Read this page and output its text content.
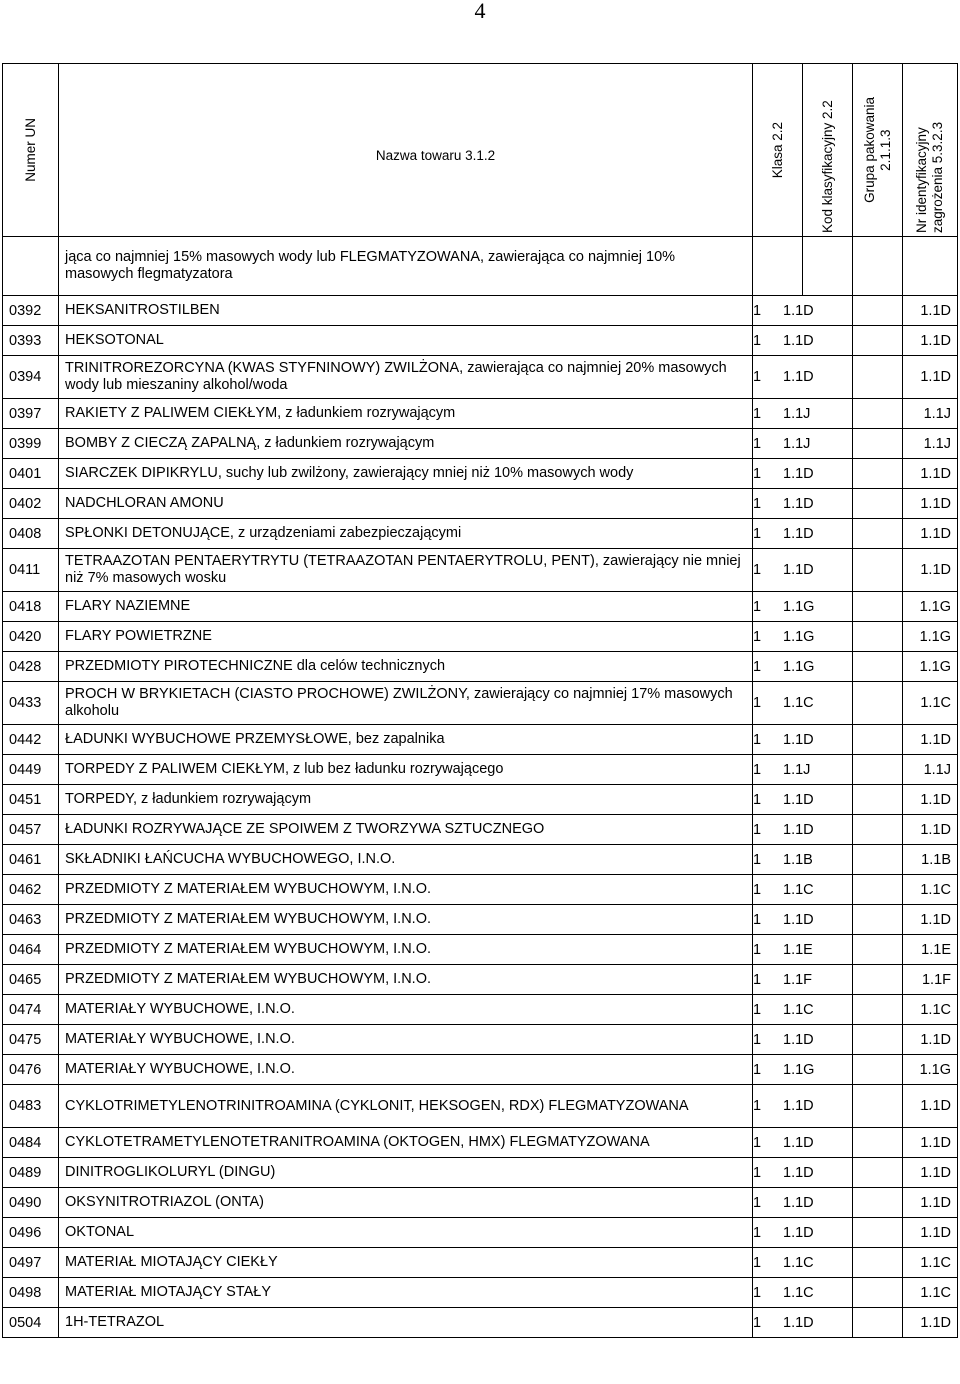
4
Numer UN	Nazwa towaru 3.1.2	Klasa 2.2	Kod klasyfikacyjny 2.2	Grupa pakowania
2.1.1.3	Nr identyfikacyjny
zagrożenia 5.3.2.3

	jąca co najmniej 15% masowych wody lub FLEGMATYZOWANA, zawierająca co najmniej 10% masowych flegmatyzatora				
0392	HEKSANITROSTILBEN	1 1.1D			1.1D
0393	HEKSOTONAL	1 1.1D			1.1D
0394	TRINITROREZORCYNA (KWAS STYFNINOWY) ZWILŻONA, zawierająca co najmniej 20% masowych wody lub mieszaniny alkohol/woda	1 1.1D			1.1D
0397	RAKIETY Z PALIWEM CIEKŁYM, z ładunkiem rozrywającym	1 1.1J			1.1J
0399	BOMBY Z CIECZĄ ZAPALNĄ, z ładunkiem rozrywającym	1 1.1J			1.1J
0401	SIARCZEK DIPIKRYLU, suchy lub zwilżony, zawierający mniej niż 10% masowych wody	1 1.1D			1.1D
0402	NADCHLORAN AMONU	1 1.1D			1.1D
0408	SPŁONKI DETONUJĄCE, z urządzeniami zabezpieczającymi	1 1.1D			1.1D
0411	TETRAAZOTAN PENTAERYTRYTU (TETRAAZOTAN PENTAERYTROLU, PENT), zawierający nie mniej niż 7% masowych wosku	1 1.1D			1.1D
0418	FLARY NAZIEMNE	1 1.1G			1.1G
0420	FLARY POWIETRZNE	1 1.1G			1.1G
0428	PRZEDMIOTY PIROTECHNICZNE dla celów technicznych	1 1.1G			1.1G
0433	PROCH W BRYKIETACH (CIASTO PROCHOWE) ZWILŻONY, zawierający co najmniej 17% masowych alkoholu	1 1.1C			1.1C
0442	ŁADUNKI WYBUCHOWE PRZEMYSŁOWE, bez zapalnika	1 1.1D			1.1D
0449	TORPEDY Z PALIWEM CIEKŁYM, z lub bez ładunku rozrywającego	1 1.1J			1.1J
0451	TORPEDY, z ładunkiem rozrywającym	1 1.1D			1.1D
0457	ŁADUNKI ROZRYWAJĄCE ZE SPOIWEM Z TWORZYWA SZTUCZNEGO	1 1.1D			1.1D
0461	SKŁADNIKI ŁAŃCUCHA WYBUCHOWEGO, I.N.O.	1 1.1B			1.1B
0462	PRZEDMIOTY Z MATERIAŁEM WYBUCHOWYM, I.N.O.	1 1.1C			1.1C
0463	PRZEDMIOTY Z MATERIAŁEM WYBUCHOWYM, I.N.O.	1 1.1D			1.1D
0464	PRZEDMIOTY Z MATERIAŁEM WYBUCHOWYM, I.N.O.	1 1.1E			1.1E
0465	PRZEDMIOTY Z MATERIAŁEM WYBUCHOWYM, I.N.O.	1 1.1F			1.1F
0474	MATERIAŁY WYBUCHOWE, I.N.O.	1 1.1C			1.1C
0475	MATERIAŁY WYBUCHOWE, I.N.O.	1 1.1D			1.1D
0476	MATERIAŁY WYBUCHOWE, I.N.O.	1 1.1G			1.1G
0483	CYKLOTRIMETYLENOTRINITROAMINA (CYKLONIT, HEKSOGEN, RDX) FLEGMATYZOWANA	1 1.1D			1.1D
0484	CYKLOTETRAMETYLENOTETRANITROAMINA (OKTOGEN, HMX) FLEGMATYZOWANA	1 1.1D			1.1D
0489	DINITROGLIKOLURYL (DINGU)	1 1.1D			1.1D
0490	OKSYNITROTRIAZOL (ONTA)	1 1.1D			1.1D
0496	OKTONAL	1 1.1D			1.1D
0497	MATERIAŁ MIOTAJĄCY CIEKŁY	1 1.1C			1.1C
0498	MATERIAŁ MIOTAJĄCY STAŁY	1 1.1C			1.1C
0504	1H-TETRAZOL	1 1.1D			1.1D
